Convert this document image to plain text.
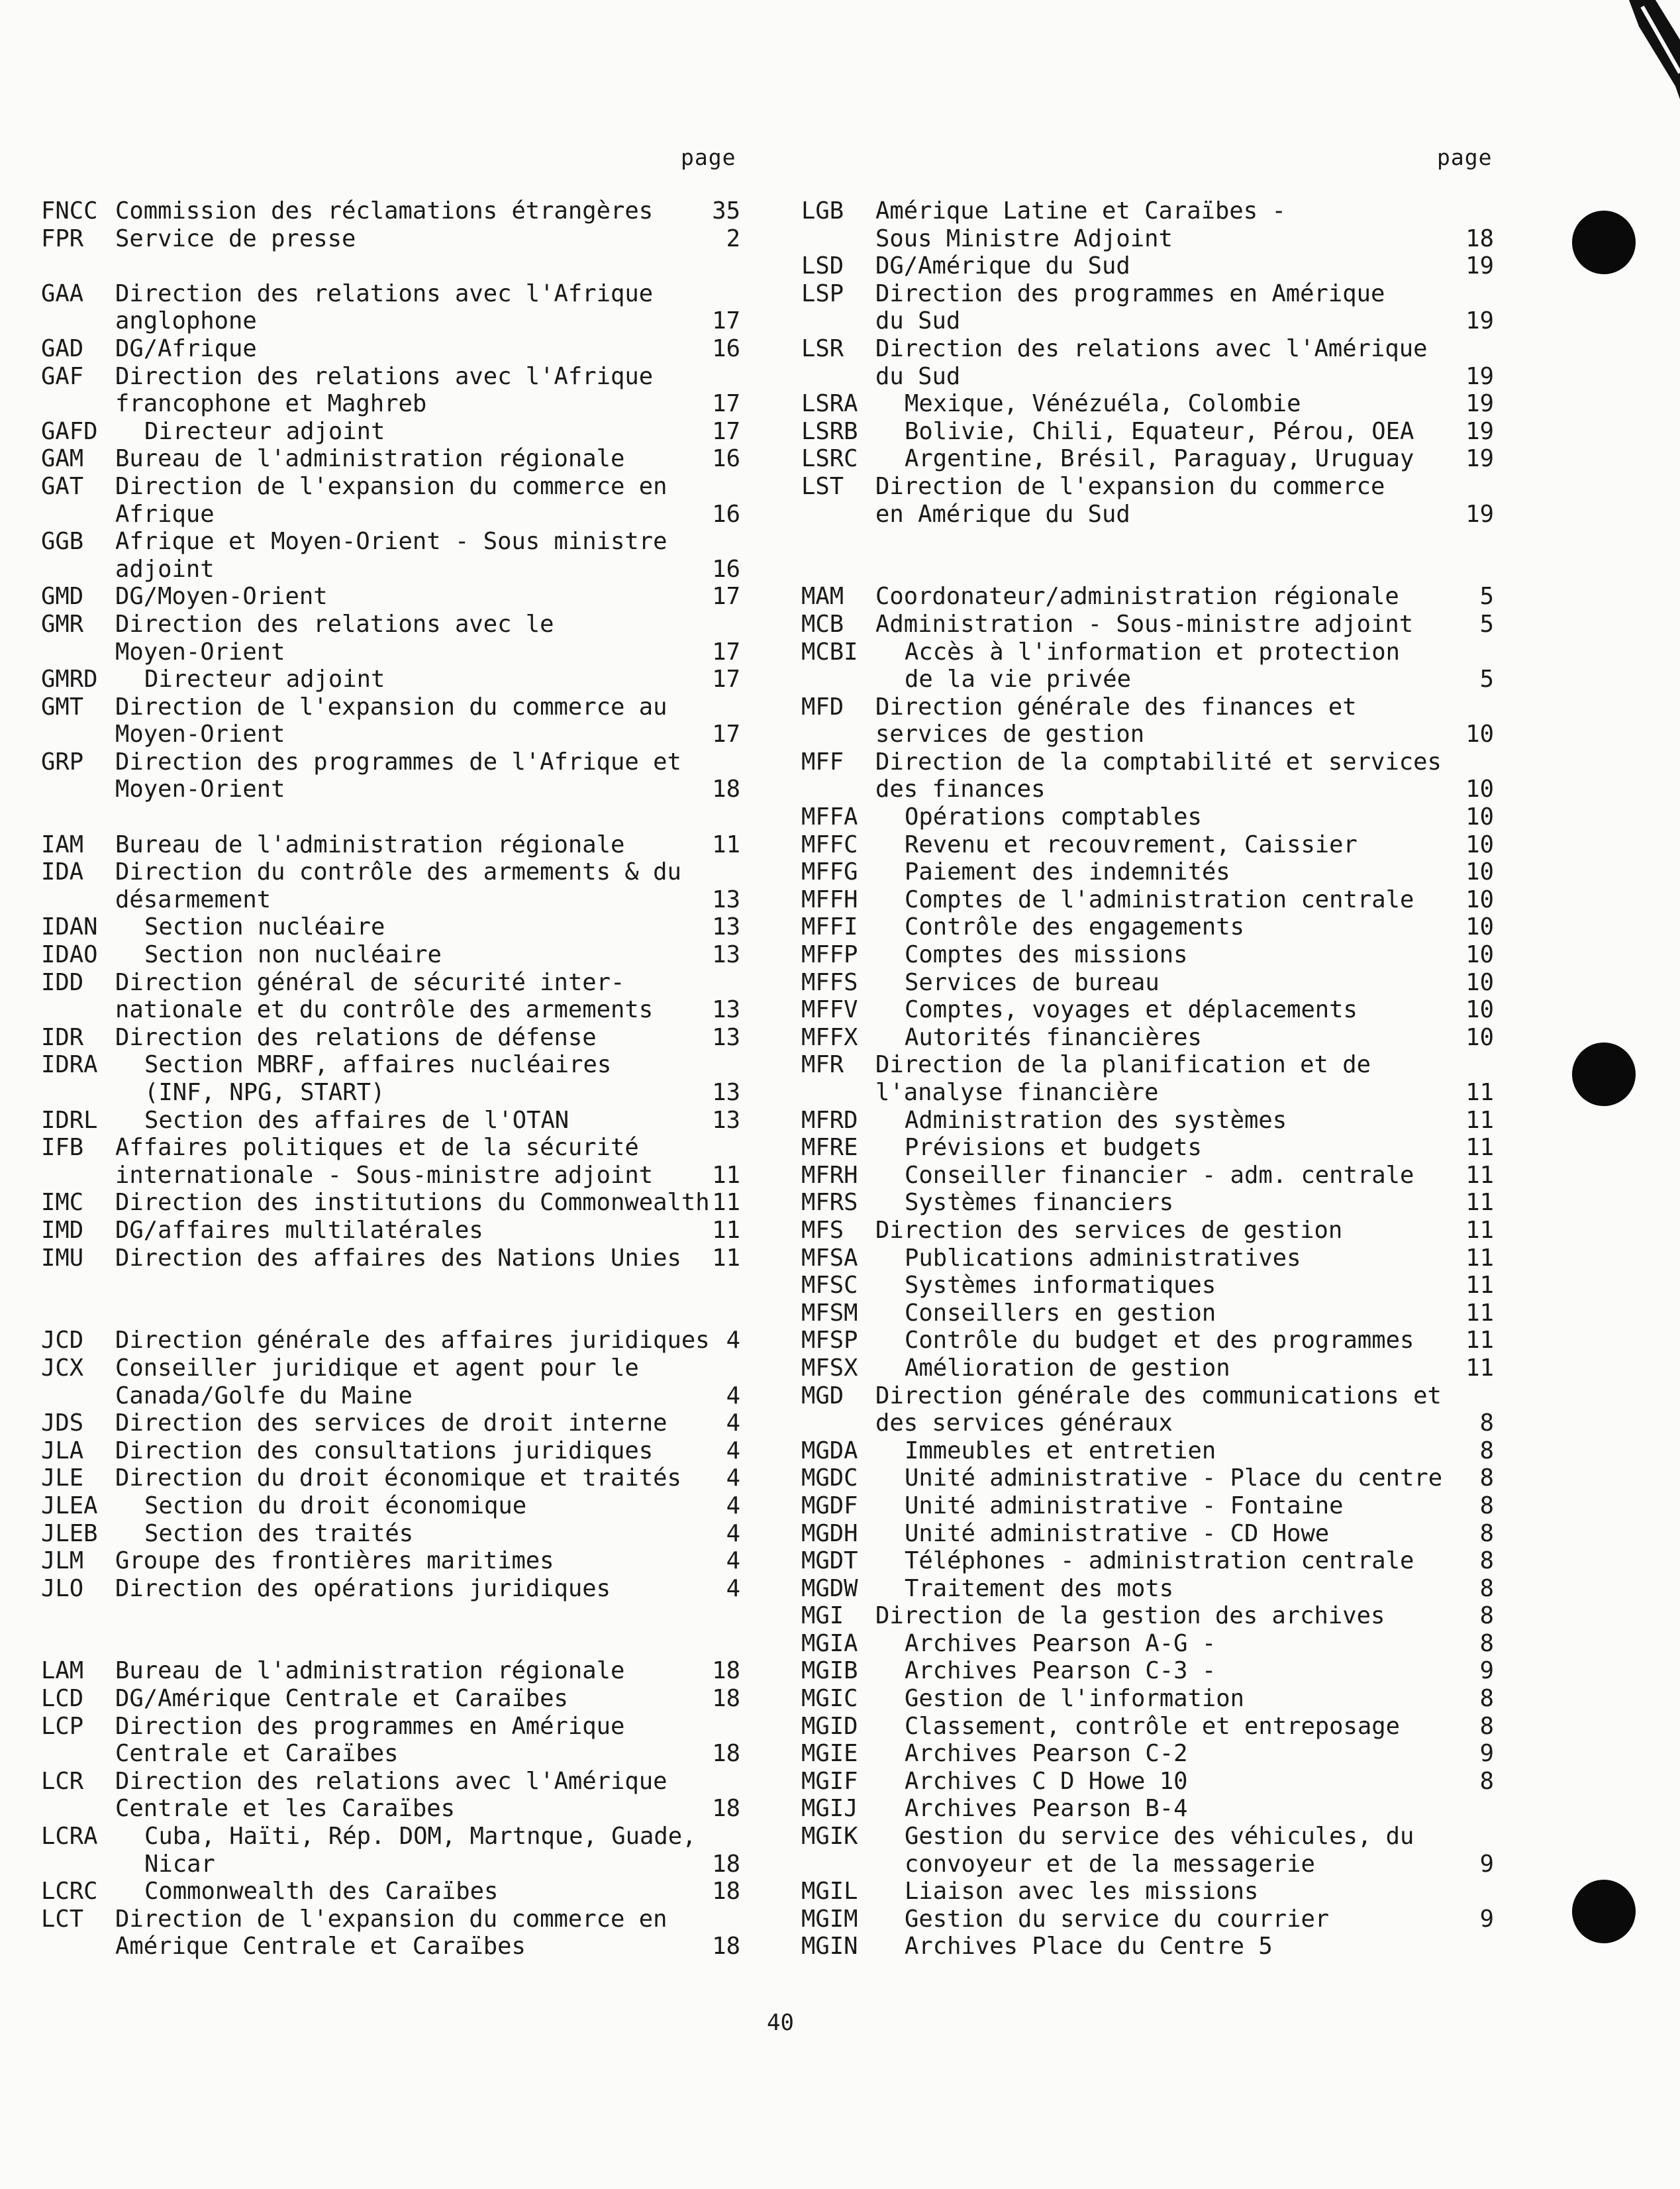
page
FNCC Commission des réclamations étrangères	35
FPR Service de presse	2
GAA Direction des relations avec l'Afrique
anglophone	17
GAD DG/Afrique	16
GAF Direction des relations avec l'Afrique
francophone et Maghreb	17
GAFD	Directeur adjoint	17
GAM Bureau de l'administration régionale	16
GAT Direction de l'expansion du commerce en
Afrique	16
GGB Afrique et Moyen-Orient - Sous ministre
adjoint	16
GMD DG/Moyen-Orient	17
GMR Direction des relations avec le
Moyen-Orient	17
GMRD	Directeur adjoint	17
GMT Direction de l'expansion du commerce au
Moyen-Orient	17
GRP Direction des programmes de l'Afrique et
Moyen-Orient	18
IAM Bureau de l'administration régionale	11
IDA Direction du contrôle des armements & du
désarmement	13
IDAN	Section nucléaire	13
IDAO	Section non nucléaire	13
IDD Direction général de sécurité inter-
nationale et du contrôle des armements	13
IDR Direction des relations de défense	13
IDRA	Section MBRF, affaires nucléaires
(INF, NPG, START)	13
IDRL	Section des affaires de l'OTAN	13
IFB Affaires politiques et de la sécurité
internationale - Sous-ministre adjoint	11
IMC Direction des institutions du Commonwealth 11
IMD DG/affaires multilatérales	11
IMU Direction des affaires des Nations Unies 11
JCD Direction générale des affaires juridiques 4
JCX Conseiller juridique et agent pour le
Canada/Golfe du Maine	4
JDS Direction des services de droit interne	4
JLA Direction des consultations juridiques	4
JLE Direction du droit économique et traités 4
JLEA	Section du droit économique	4
JLEB	Section des traités	4
JLM Groupe des frontières maritimes	4
JLO Direction des opérations juridiques	4
LAM Bureau de l'administration régionale	18
LCD DG/Amérique Centrale et Caraïbes	18
LCP Direction des programmes en Amérique
Centrale et Caraïbes	18
LCR Direction des relations avec l'Amérique
Centrale et les Caraïbes	18
LCRA	Cuba, Haïti, Rép. DOM, Martnque, Guade,
Nicar	18
LCRC	Commonwealth des Caraïbes	18
LCT Direction de l'expansion du commerce en
Amérique Centrale et Caraïbes	18
page
LGB Amérique Latine et Caraïbes -
Sous Ministre Adjoint	18
LSD DG/Amérique du Sud	19
LSP Direction des programmes en Amérique
du Sud	19
LSR Direction des relations avec l'Amérique
du Sud	19
LSRA	Mexique, Vénézuéla, Colombie	19
LSRB	Bolivie, Chili, Equateur, Pérou, OEA 19
LSRC	Argentine, Brésil, Paraguay, Uruguay 19
LST Direction de l'expansion du commerce
en Amérique du Sud	19
MAM Coordonateur/administration régionale	5
MCB Administration - Sous-ministre adjoint	5
MCBI	Accès à l'information et protection
de la vie privée	5
MFD Direction générale des finances et
services de gestion	10
MFF Direction de la comptabilité et services
des finances	10
MFFA	Opérations comptables	10
MFFC	Revenu et recouvrement, Caissier	10
MFFG	Paiement des indemnités	10
MFFH	Comptes de l'administration centrale 10
MFFI	Contrôle des engagements	10
MFFP	Comptes des missions	10
MFFS	Services de bureau	10
MFFV	Comptes, voyages et déplacements	10
MFFX	Autorités financières	10
MFR Direction de la planification et de
l'analyse financière	11
MFRD	Administration des systèmes	11
MFRE	Prévisions et budgets	11
MFRH	Conseiller financier - adm. centrale 11
MFRS	Systèmes financiers	11
MFS Direction des services de gestion	11
MFSA	Publications administratives	11
MFSC	Systèmes informatiques	11
MFSM	Conseillers en gestion	11
MFSP	Contrôle du budget et des programmes 11
MFSX	Amélioration de gestion	11
MGD Direction générale des communications et
des services généraux	8
MGDA	Immeubles et entretien	8
MGDC	Unité administrative - Place du centre 8
MGDF	Unité administrative - Fontaine	8
MGDH	Unité administrative - CD Howe	8
MGDT	Téléphones - administration centrale	8
MGDW	Traitement des mots	8
MGI Direction de la gestion des archives	8
MGIA	Archives Pearson A-G -	8
MGIB	Archives Pearson C-3 -	9
MGIC	Gestion de l'information	8
MGID	Classement, contrôle et entreposage	8
MGIE	Archives Pearson C-2	9
MGIF	Archives C D Howe 10	8
MGIJ	Archives Pearson B-4
MGIK	Gestion du service des véhicules, du
convoyeur et de la messagerie	9
MGIL	Liaison avec les missions
MGIM	Gestion du service du courrier	9
MGIN	Archives Place du Centre 5
40
